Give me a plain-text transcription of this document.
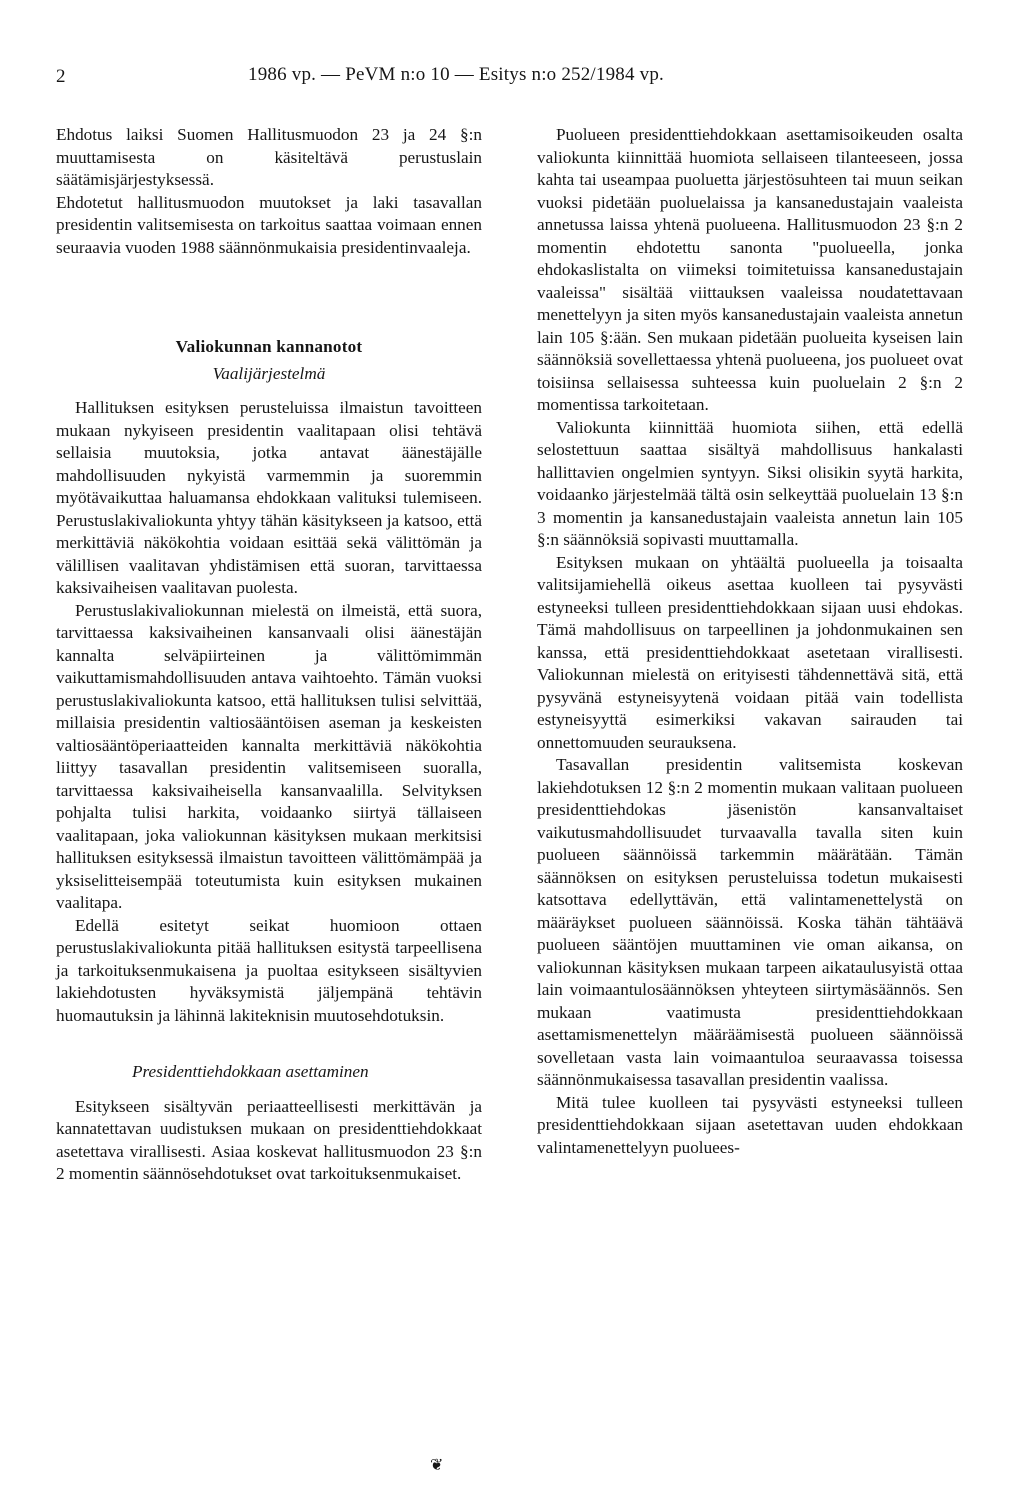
2	1986 vp. — PeVM n:o 10 — Esitys n:o 252/1984 vp.

Ehdotus laiksi Suomen Hallitusmuodon 23 ja 24 §:n muuttamisesta on käsiteltävä perustuslain säätämisjärjestyksessä.

Ehdotetut hallitusmuodon muutokset ja laki tasavallan presidentin valitsemisesta on tarkoitus saattaa voimaan ennen seuraavia vuoden 1988 säännönmukaisia presidentinvaaleja.

Valiokunnan kannanotot
Vaalijärjestelmä

Hallituksen esityksen perusteluissa ilmaistun tavoitteen mukaan nykyiseen presidentin vaalitapaan olisi tehtävä sellaisia muutoksia, jotka antavat äänestäjälle mahdollisuuden nykyistä varmemmin ja suoremmin myötävaikuttaa haluamansa ehdokkaan valituksi tulemiseen. Perustuslakivaliokunta yhtyy tähän käsitykseen ja katsoo, että merkittäviä näkökohtia voidaan esittää sekä välittömän ja välillisen vaalitavan yhdistämisen että suoran, tarvittaessa kaksivaiheisen vaalitavan puolesta.

Perustuslakivaliokunnan mielestä on ilmeistä, että suora, tarvittaessa kaksivaiheinen kansanvaali olisi äänestäjän kannalta selväpiirteinen ja välittömimmän vaikuttamismahdollisuuden antava vaihtoehto. Tämän vuoksi perustuslakivaliokunta katsoo, että hallituksen tulisi selvittää, millaisia presidentin valtiosääntöisen aseman ja keskeisten valtiosääntöperiaatteiden kannalta merkittäviä näkökohtia liittyy tasavallan presidentin valitsemiseen suoralla, tarvittaessa kaksivaiheisella kansanvaalilla. Selvityksen pohjalta tulisi harkita, voidaanko siirtyä tällaiseen vaalitapaan, joka valiokunnan käsityksen mukaan merkitsisi hallituksen esityksessä ilmaistun tavoitteen välittömämpää ja yksiselitteisempää toteutumista kuin esityksen mukainen vaalitapa.

Edellä esitetyt seikat huomioon ottaen perustuslakivaliokunta pitää hallituksen esitystä tarpeellisena ja tarkoituksenmukaisena ja puoltaa esitykseen sisältyvien lakiehdotusten hyväksymistä jäljempänä tehtävin huomautuksin ja lähinnä lakiteknisin muutosehdotuksin.

Presidenttiehdokkaan asettaminen

Esitykseen sisältyvän periaatteellisesti merkittävän ja kannatettavan uudistuksen mukaan on presidenttiehdokkaat asetettava virallisesti. Asiaa koskevat hallitusmuodon 23 §:n 2 momentin säännösehdotukset ovat tarkoituksenmukaiset.

Puolueen presidenttiehdokkaan asettamisoikeuden osalta valiokunta kiinnittää huomiota sellaiseen tilanteeseen, jossa kahta tai useampaa puoluetta järjestösuhteen tai muun seikan vuoksi pidetään puoluelaissa ja kansanedustajain vaaleista annetussa laissa yhtenä puolueena. Hallitusmuodon 23 §:n 2 momentin ehdotettu sanonta "puolueella, jonka ehdokaslistalta on viimeksi toimitetuissa kansanedustajain vaaleissa" sisältää viittauksen vaaleissa noudatettavaan menettelyyn ja siten myös kansanedustajain vaaleista annetun lain 105 §:ään. Sen mukaan pidetään puolueita kyseisen lain säännöksiä sovellettaessa yhtenä puolueena, jos puolueet ovat toisiinsa sellaisessa suhteessa kuin puoluelain 2 §:n 2 momentissa tarkoitetaan.

Valiokunta kiinnittää huomiota siihen, että edellä selostettuun saattaa sisältyä mahdollisuus hankalasti hallittavien ongelmien syntyyn. Siksi olisikin syytä harkita, voidaanko järjestelmää tältä osin selkeyttää puoluelain 13 §:n 3 momentin ja kansanedustajain vaaleista annetun lain 105 §:n säännöksiä sopivasti muuttamalla.

Esityksen mukaan on yhtäältä puolueella ja toisaalta valitsijamiehellä oikeus asettaa kuolleen tai pysyvästi estyneeksi tulleen presidenttiehdokkaan sijaan uusi ehdokas. Tämä mahdollisuus on tarpeellinen ja johdonmukainen sen kanssa, että presidenttiehdokkaat asetetaan virallisesti. Valiokunnan mielestä on erityisesti tähdennettävä sitä, että pysyvänä estyneisyytenä voidaan pitää vain todellista estyneisyyttä esimerkiksi vakavan sairauden tai onnettomuuden seurauksena.

Tasavallan presidentin valitsemista koskevan lakiehdotuksen 12 §:n 2 momentin mukaan valitaan puolueen presidenttiehdokas jäsenistön kansanvaltaiset vaikutusmahdollisuudet turvaavalla tavalla siten kuin puolueen säännöissä tarkemmin määrätään. Tämän säännöksen on esityksen perusteluissa todetun mukaisesti katsottava edellyttävän, että valintamenettelystä on määräykset puolueen säännöissä. Koska tähän tähtäävä puolueen sääntöjen muuttaminen vie oman aikansa, on valiokunnan käsityksen mukaan tarpeen aikataulusyistä ottaa lain voimaantulosäännöksen yhteyteen siirtymäsäännös. Sen mukaan vaatimusta presidenttiehdokkaan asettamismenettelyn määräämisestä puolueen säännöissä sovelletaan vasta lain voimaantuloa seuraavassa toisessa säännönmukaisessa tasavallan presidentin vaalissa.

Mitä tulee kuolleen tai pysyvästi estyneeksi tulleen presidenttiehdokkaan sijaan asetettavan uuden ehdokkaan valintamenettelyyn puoluees-

❦
